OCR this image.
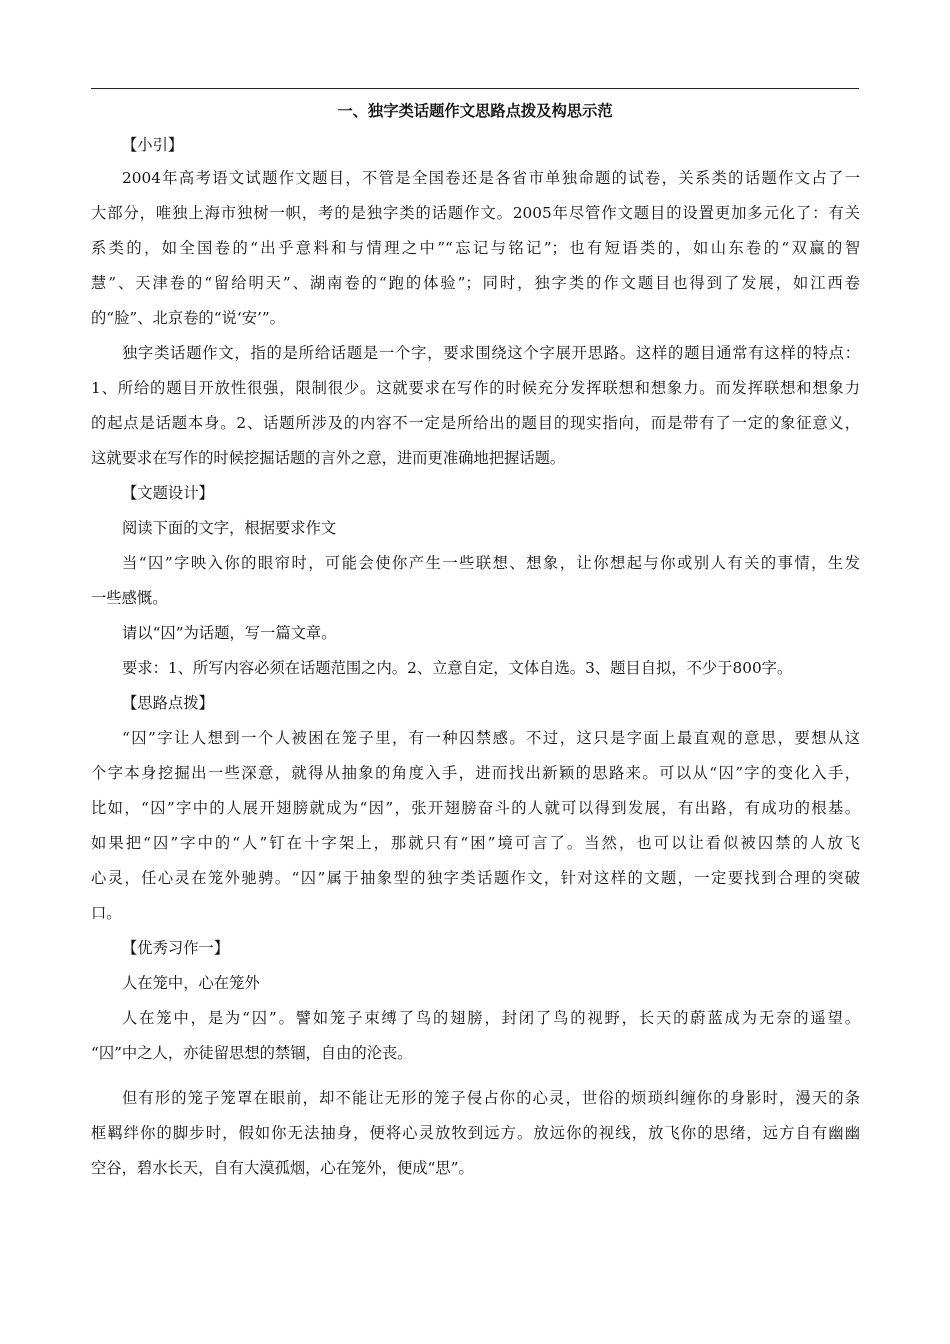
一、独字类话题作文思路点拨及构思示范

【小引】

2004年高考语文试题作文题目，不管是全国卷还是各省市单独命题的试卷，关系类的话题作文占了一

大部分，唯独上海市独树一帜，考的是独字类的话题作文。2005年尽管作文题目的设置更加多元化了：有关

系类的，如全国卷的“出乎意料和与情理之中”“忘记与铭记”；也有短语类的，如山东卷的“双赢的智

慧”、天津卷的“留给明天”、湖南卷的“跑的体验”；同时，独字类的作文题目也得到了发展，如江西卷

的“脸”、北京卷的“说‘安’”。

独字类话题作文，指的是所给话题是一个字，要求围绕这个字展开思路。这样的题目通常有这样的特点：

1、所给的题目开放性很强，限制很少。这就要求在写作的时候充分发挥联想和想象力。而发挥联想和想象力

的起点是话题本身。2、话题所涉及的内容不一定是所给出的题目的现实指向，而是带有了一定的象征意义，

这就要求在写作的时候挖掘话题的言外之意，进而更准确地把握话题。

【文题设计】

阅读下面的文字，根据要求作文

当“囚”字映入你的眼帘时，可能会使你产生一些联想、想象，让你想起与你或别人有关的事情，生发

一些感慨。

请以“囚”为话题，写一篇文章。

要求：1、所写内容必须在话题范围之内。2、立意自定，文体自选。3、题目自拟，不少于800字。

【思路点拨】

“囚”字让人想到一个人被困在笼子里，有一种囚禁感。不过，这只是字面上最直观的意思，要想从这

个字本身挖掘出一些深意，就得从抽象的角度入手，进而找出新颖的思路来。可以从“囚”字的变化入手，

比如，“囚”字中的人展开翅膀就成为“因”，张开翅膀奋斗的人就可以得到发展，有出路，有成功的根基。

如果把“囚”字中的“人”钉在十字架上，那就只有“困”境可言了。当然，也可以让看似被囚禁的人放飞

心灵，任心灵在笼外驰骋。“囚”属于抽象型的独字类话题作文，针对这样的文题，一定要找到合理的突破

口。

【优秀习作一】

人在笼中，心在笼外

人在笼中，是为“囚”。譬如笼子束缚了鸟的翅膀，封闭了鸟的视野，长天的蔚蓝成为无奈的遥望。

“囚”中之人，亦徒留思想的禁锢，自由的沦丧。

但有形的笼子笼罩在眼前，却不能让无形的笼子侵占你的心灵，世俗的烦琐纠缠你的身影时，漫天的条

框羁绊你的脚步时，假如你无法抽身，便将心灵放牧到远方。放远你的视线，放飞你的思绪，远方自有幽幽

空谷，碧水长天，自有大漠孤烟，心在笼外，便成“思”。
